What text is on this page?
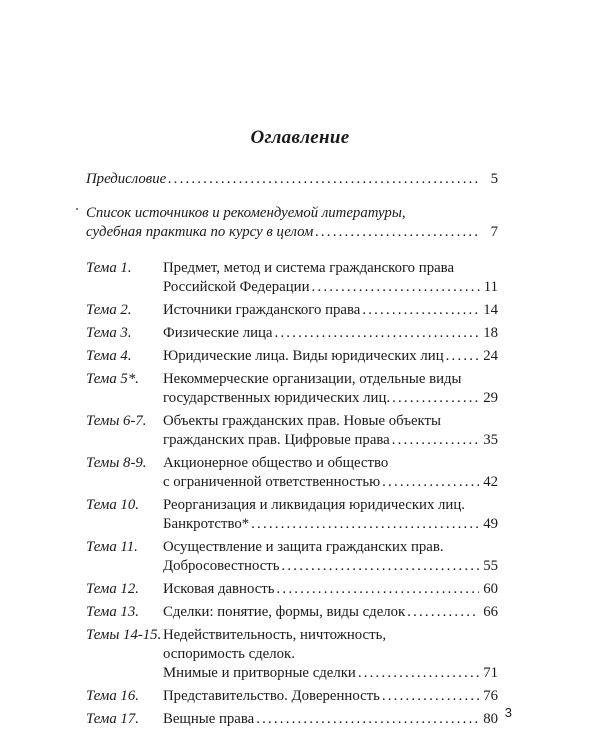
Оглавление
Предисловие .....	5
Список источников и рекомендуемой литературы,
судебная практика по курсу в целом .....	7
Тема 1.	Предмет, метод и система гражданского права
Российской Федерации .....	11
Тема 2.	Источники гражданского права .....	14
Тема 3.	Физические лица .....	18
Тема 4.	Юридические лица. Виды юридических лиц .....	24
Тема 5*.	Некоммерческие организации, отдельные виды
государственных юридических лиц. .....	29
Темы 6-7.	Объекты гражданских прав. Новые объекты
гражданских прав. Цифровые права .....	35
Темы 8-9.	Акционерное общество и общество
с ограниченной ответственностью .....	42
Тема 10.	Реорганизация и ликвидация юридических лиц.
Банкротство* .....	49
Тема 11.	Осуществление и защита гражданских прав.
Добросовестность .....	55
Тема 12.	Исковая давность .....	60
Тема 13.	Сделки: понятие, формы, виды сделок .....	66
Темы 14-15. Недействительность, ничтожность,
оспоримость сделок.
Мнимые и притворные сделки .....	71
Тема 16.	Представительство. Доверенность .....	76
Тема 17.	Вещные права .....	80 3
